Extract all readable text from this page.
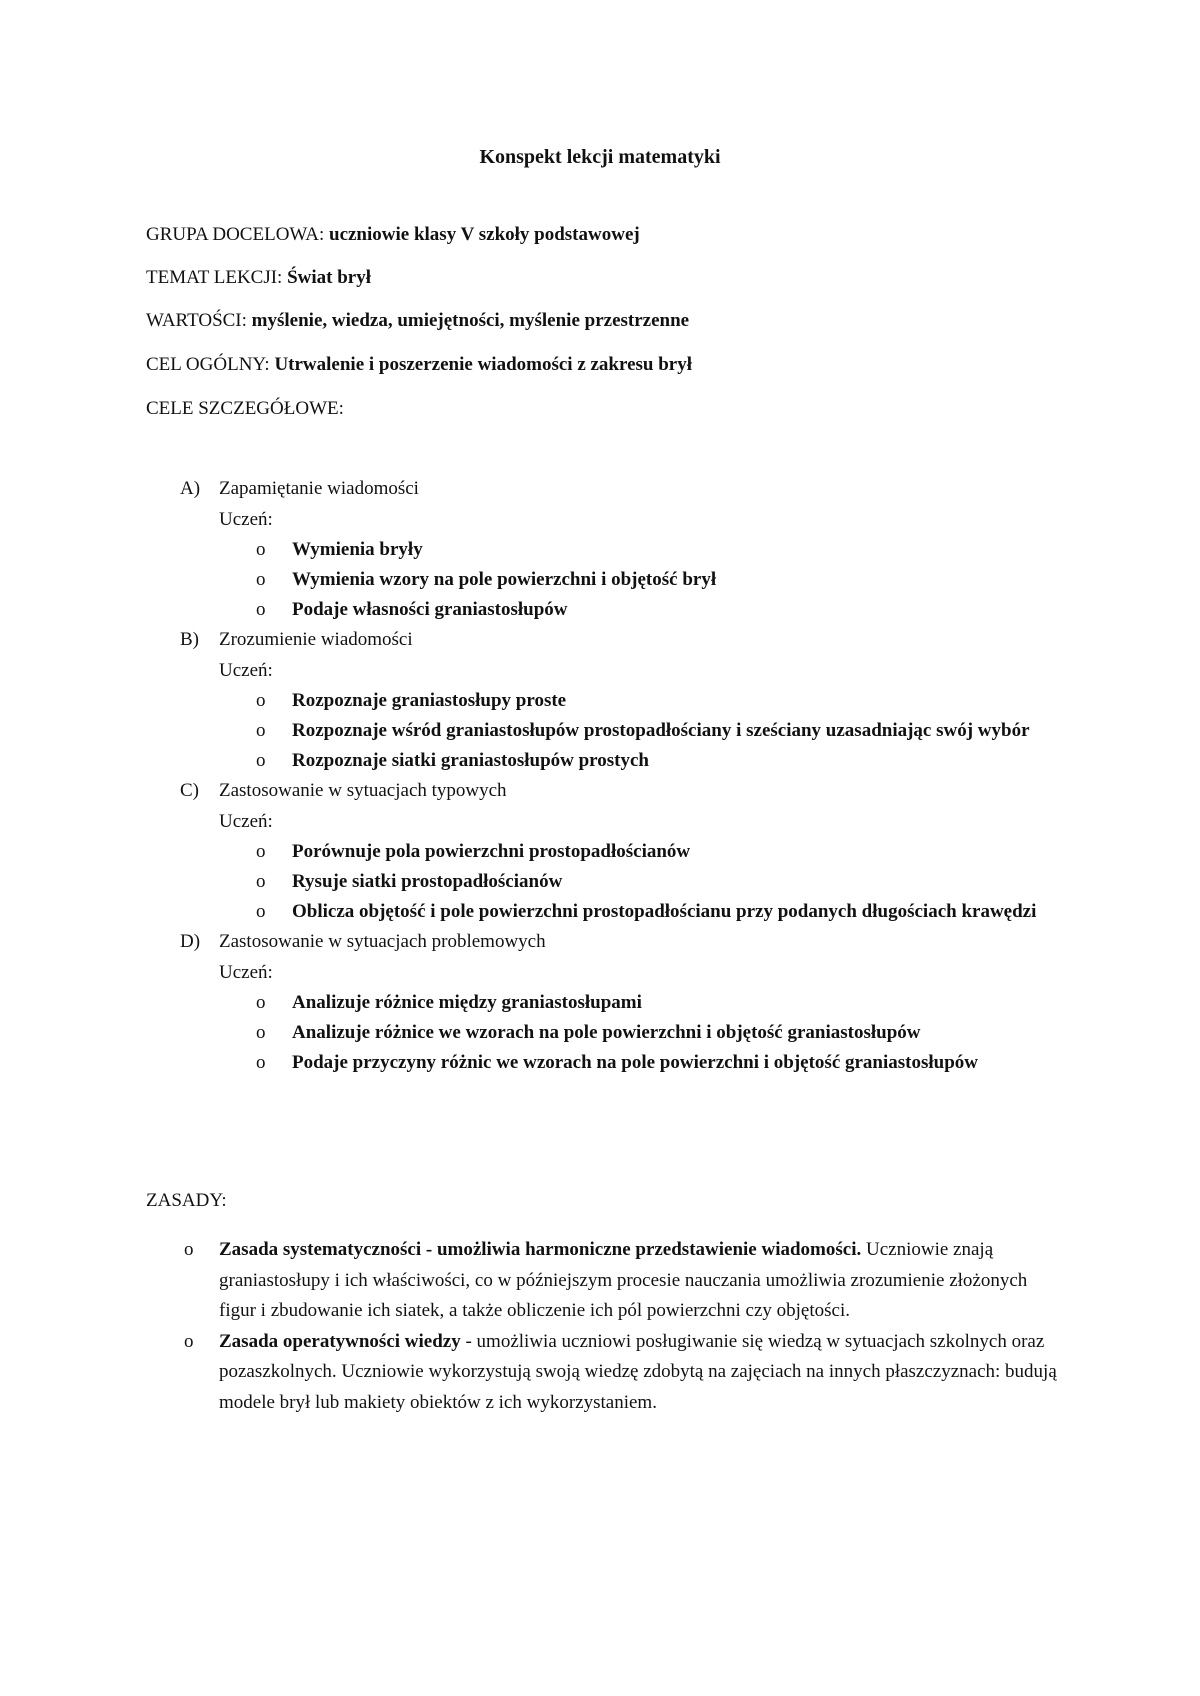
Konspekt lekcji matematyki
GRUPA DOCELOWA: uczniowie klasy V szkoły podstawowej
TEMAT LEKCJI: Świat brył
WARTOŚCI: myślenie, wiedza, umiejętności, myślenie przestrzenne
CEL OGÓLNY: Utrwalenie i poszerzenie wiadomości z zakresu brył
CELE SZCZEGÓŁOWE:
A) Zapamiętanie wiadomości
Uczeń:
o Wymienia bryły
o Wymienia wzory na pole powierzchni i objętość brył
o Podaje własności graniastosłupów
B) Zrozumienie wiadomości
Uczeń:
o Rozpoznaje graniastosłupy proste
o Rozpoznaje wśród graniastosłupów prostopadłościany i sześciany uzasadniając swój wybór
o Rozpoznaje siatki graniastosłupów prostych
C) Zastosowanie w sytuacjach typowych
Uczeń:
o Porównuje pola powierzchni prostopadłościanów
o Rysuje siatki prostopadłościanów
o Oblicza objętość i pole powierzchni prostopadłościanu przy podanych długościach krawędzi
D) Zastosowanie w sytuacjach problemowych
Uczeń:
o Analizuje różnice między graniastosłupami
o Analizuje różnice we wzorach na pole powierzchni i objętość graniastosłupów
o Podaje przyczyny różnic we wzorach na pole powierzchni i objętość graniastosłupów
ZASADY:
o Zasada systematyczności - umożliwia harmoniczne przedstawienie wiadomości. Uczniowie znają graniastosłupy i ich właściwości, co w późniejszym procesie nauczania umożliwia zrozumienie złożonych figur i zbudowanie ich siatek, a także obliczenie ich pól powierzchni czy objętości.
o Zasada operatywności wiedzy - umożliwia uczniowi posługiwanie się wiedzą w sytuacjach szkolnych oraz pozaszkolnych. Uczniowie wykorzystują swoją wiedzę zdobytą na zajęciach na innych płaszczyznach: budują modele brył lub makiety obiektów z ich wykorzystaniem.
